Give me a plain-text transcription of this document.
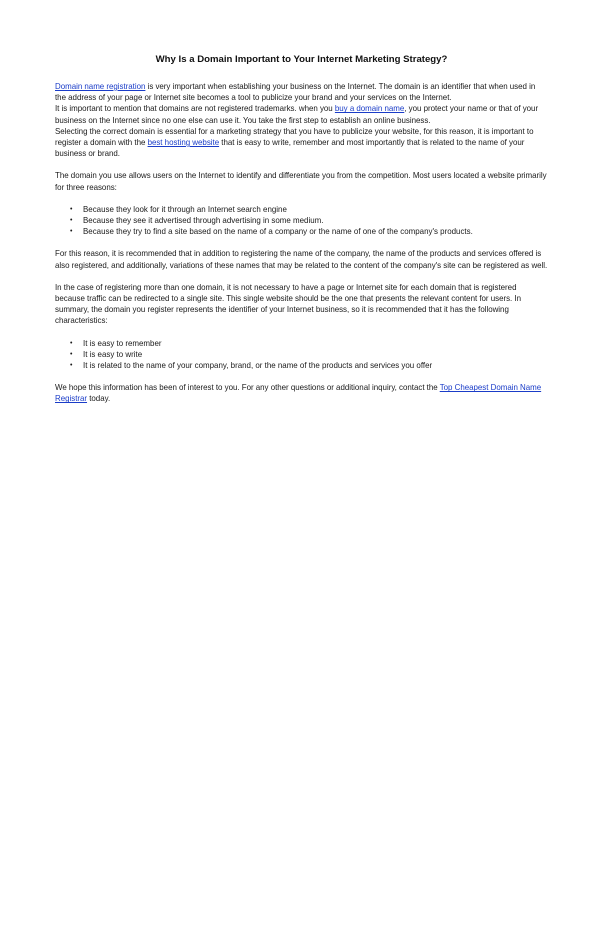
Why Is a Domain Important to Your Internet Marketing Strategy?

Domain name registration is very important when establishing your business on the Internet. The domain is an identifier that when used in the address of your page or Internet site becomes a tool to publicize your brand and your services on the Internet.
It is important to mention that domains are not registered trademarks. when you buy a domain name, you protect your name or that of your business on the Internet since no one else can use it. You take the first step to establish an online business.
Selecting the correct domain is essential for a marketing strategy that you have to publicize your website, for this reason, it is important to register a domain with the best hosting website that is easy to write, remember and most importantly that is related to the name of your business or brand.

The domain you use allows users on the Internet to identify and differentiate you from the competition. Most users located a website primarily for three reasons:

• Because they look for it through an Internet search engine
• Because they see it advertised through advertising in some medium.
• Because they try to find a site based on the name of a company or the name of one of the company's products.

For this reason, it is recommended that in addition to registering the name of the company, the name of the products and services offered is also registered, and additionally, variations of these names that may be related to the content of the company's site can be registered as well.

In the case of registering more than one domain, it is not necessary to have a page or Internet site for each domain that is registered because traffic can be redirected to a single site. This single website should be the one that presents the relevant content for users. In summary, the domain you register represents the identifier of your Internet business, so it is recommended that it has the following characteristics:

• It is easy to remember
• It is easy to write
• It is related to the name of your company, brand, or the name of the products and services you offer

We hope this information has been of interest to you. For any other questions or additional inquiry, contact the Top Cheapest Domain Name Registrar today.
